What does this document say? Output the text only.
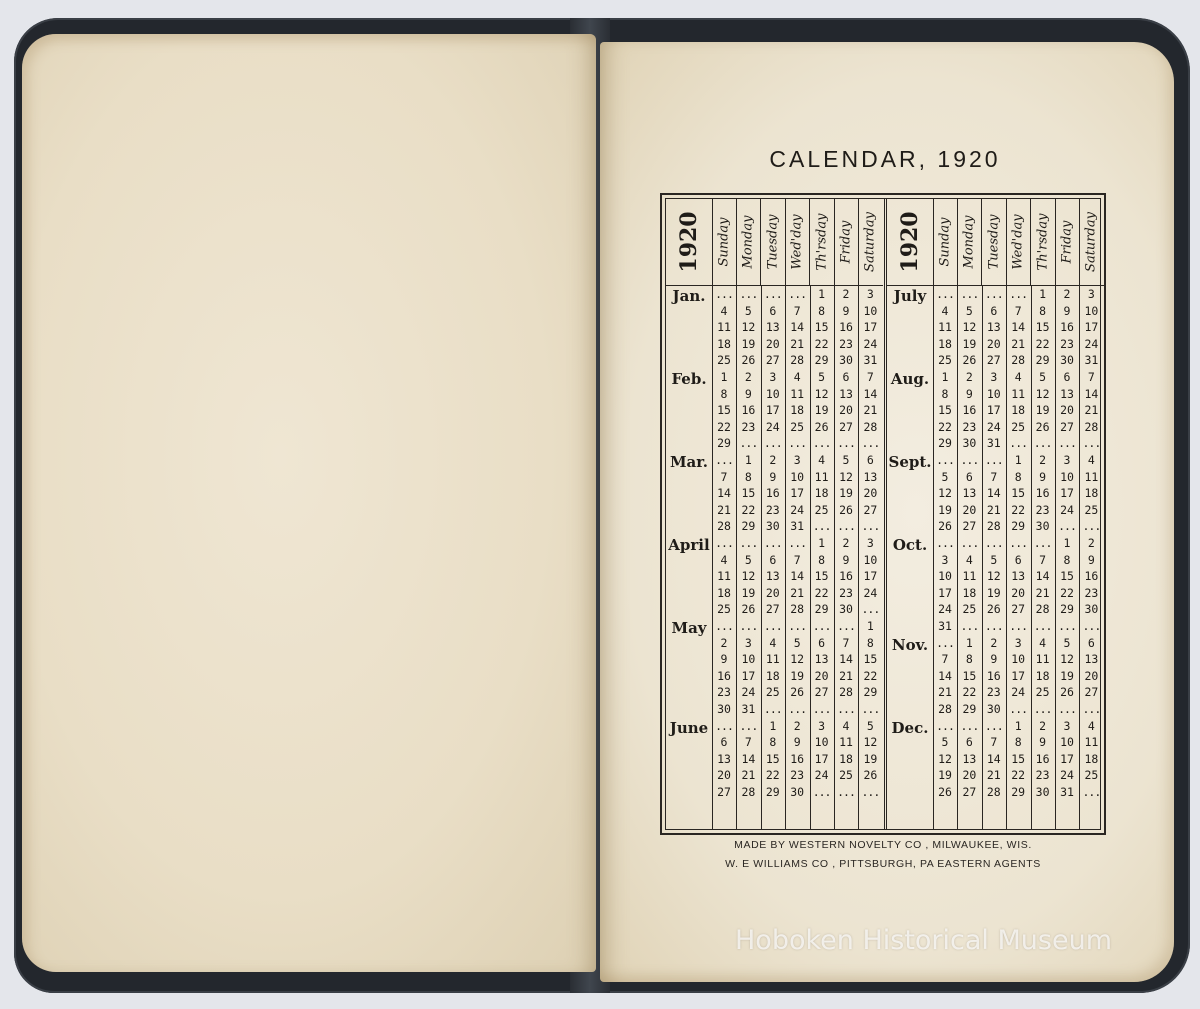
CALENDAR, 1920
1920 Sunday Monday Tuesday Wed'day Th'rsday Friday Saturday
Jan. ... ... ... ...	1	2	3
4	5	6	7	8	9	10
11 12 13 14 15 16 17
18 19 20 21 22 23 24
25 26 27 28 29 30 31
Feb.	1	2	3	4	5	6	7
8	9	10 11 12 13 14
15 16 17 18 19 20 21
22 23 24 25 26 27 28
29 ... ... ... ... ... ...
Mar. ...	1	2	3	4	5	6
7	8	9	10 11 12 13
14 15 16 17 18 19 20
21 22 23 24 25 26 27
28 29 30 31 ... ... ...
April ... ... ... ...	1	2	3
4	5	6	7	8	9	10
11 12 13 14 15 16 17
18 19 20 21 22 23 24
25 26 27 28 29 30 ...
May ... ... ... ... ... ...	1
2	3	4	5	6	7	8
9	10 11 12 13 14 15
16 17 18 19 20 21 22
23 24 25 26 27 28 29
30 31 ... ... ... ... ...
June ... ...	1	2	3	4	5
6	7	8	9	10 11 12
13 14 15 16 17 18 19
20 21 22 23 24 25 26
27 28 29 30 ... ... ...
1920 Sunday Monday Tuesday Wed'day Th'rsday Friday Saturday
July ... ... ... ...	1	2	3
4	5	6	7	8	9	10
11 12 13 14 15 16 17
18 19 20 21 22 23 24
25 26 27 28 29 30 31
Aug.	1	2	3	4	5	6	7
8	9	10 11 12 13 14
15 16 17 18 19 20 21
22 23 24 25 26 27 28
29 30 31 ... ... ... ...
Sept. ... ... ...	1	2	3	4
5	6	7	8	9	10 11
12 13 14 15 16 17 18
19 20 21 22 23 24 25
26 27 28 29 30 ... ...
Oct. ... ... ... ... ...	1	2
3	4	5	6	7	8	9
10 11 12 13 14 15 16
17 18 19 20 21 22 23
24 25 26 27 28 29 30
31 ... ... ... ... ... ...
Nov. ...	1	2	3	4	5	6
7	8	9	10 11 12 13
14 15 16 17 18 19 20
21 22 23 24 25 26 27
28 29 30 ... ... ... ...
Dec. ... ... ...	1	2	3	4
5	6	7	8	9	10 11
12 13 14 15 16 17 18
19 20 21 22 23 24 25
26 27 28 29 30 31 ...
MADE BY WESTERN NOVELTY CO , MILWAUKEE, WIS.
W. E WILLIAMS CO , PITTSBURGH, PA EASTERN AGENTS
Hoboken Historical Museum
